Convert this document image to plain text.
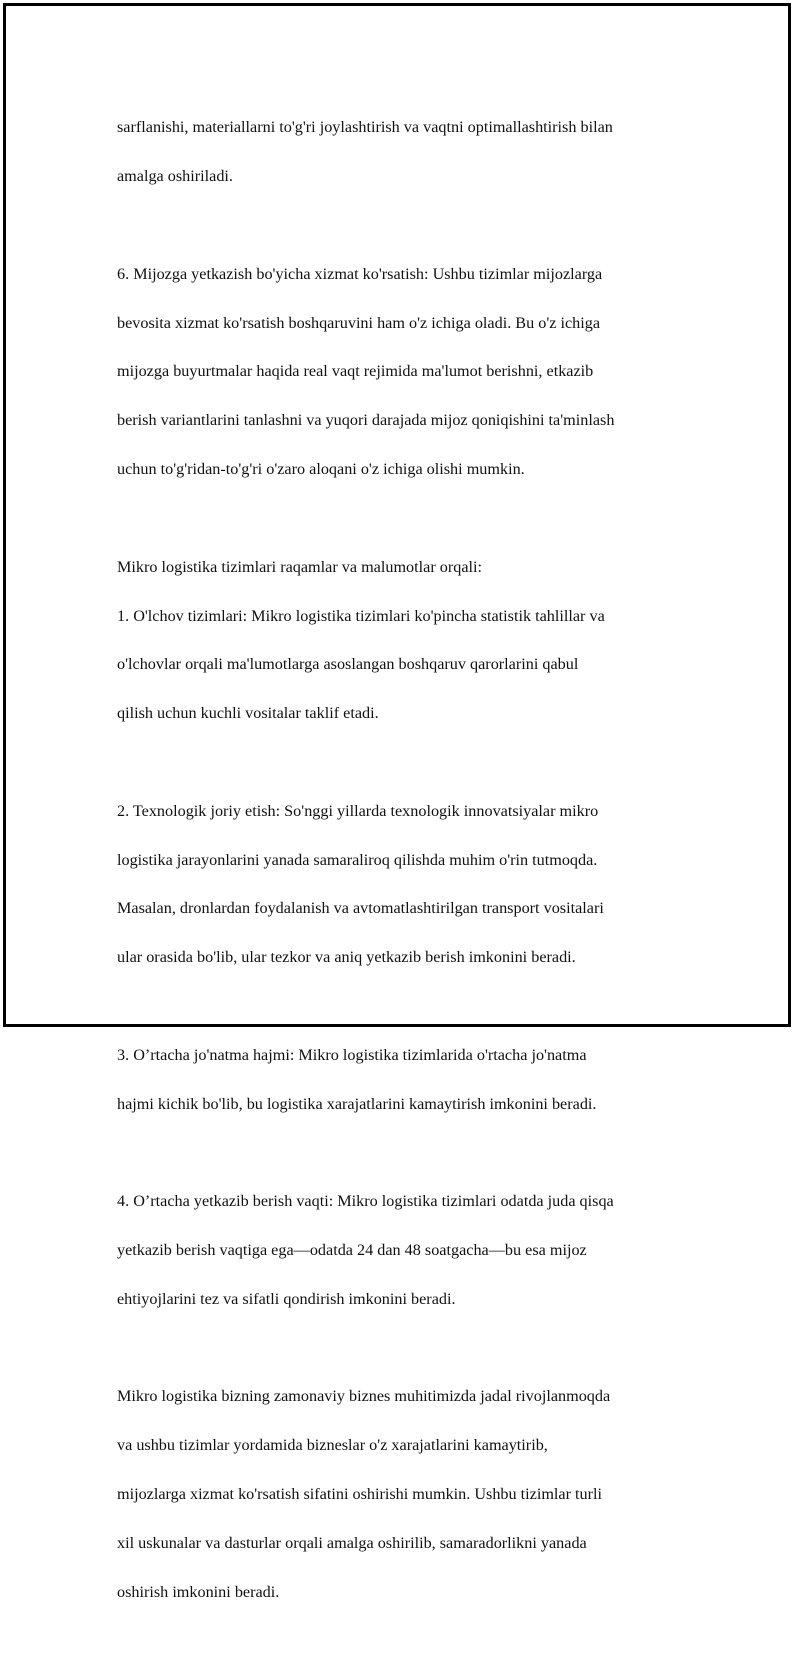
sarflanishi, materiallarni to'g'ri joylashtirish va vaqtni optimallashtirish bilan

amalga oshiriladi.

6. Mijozga yetkazish bo'yicha xizmat ko'rsatish: Ushbu tizimlar mijozlarga

bevosita xizmat ko'rsatish boshqaruvini ham o'z ichiga oladi. Bu o'z ichiga

mijozga buyurtmalar haqida real vaqt rejimida ma'lumot berishni, etkazib

berish variantlarini tanlashni va yuqori darajada mijoz qoniqishini ta'minlash

uchun to'g'ridan-to'g'ri o'zaro aloqani o'z ichiga olishi mumkin.

Mikro logistika tizimlari raqamlar va malumotlar orqali:

1. O'lchov tizimlari: Mikro logistika tizimlari ko'pincha statistik tahlillar va

o'lchovlar orqali ma'lumotlarga asoslangan boshqaruv qarorlarini qabul

qilish uchun kuchli vositalar taklif etadi.

2. Texnologik joriy etish: So'nggi yillarda texnologik innovatsiyalar mikro

logistika jarayonlarini yanada samaraliroq qilishda muhim o'rin tutmoqda.

Masalan, dronlardan foydalanish va avtomatlashtirilgan transport vositalari

ular orasida bo'lib, ular tezkor va aniq yetkazib berish imkonini beradi.

3. O’rtacha jo'natma hajmi: Mikro logistika tizimlarida o'rtacha jo'natma

hajmi kichik bo'lib, bu logistika xarajatlarini kamaytirish imkonini beradi.

4. O’rtacha yetkazib berish vaqti: Mikro logistika tizimlari odatda juda qisqa

yetkazib berish vaqtiga ega—odatda 24 dan 48 soatgacha—bu esa mijoz

ehtiyojlarini tez va sifatli qondirish imkonini beradi.

Mikro logistika bizning zamonaviy biznes muhitimizda jadal rivojlanmoqda

va ushbu tizimlar yordamida bizneslar o'z xarajatlarini kamaytirib,

mijozlarga xizmat ko'rsatish sifatini oshirishi mumkin. Ushbu tizimlar turli

xil uskunalar va dasturlar orqali amalga oshirilib, samaradorlikni yanada

oshirish imkonini beradi.
